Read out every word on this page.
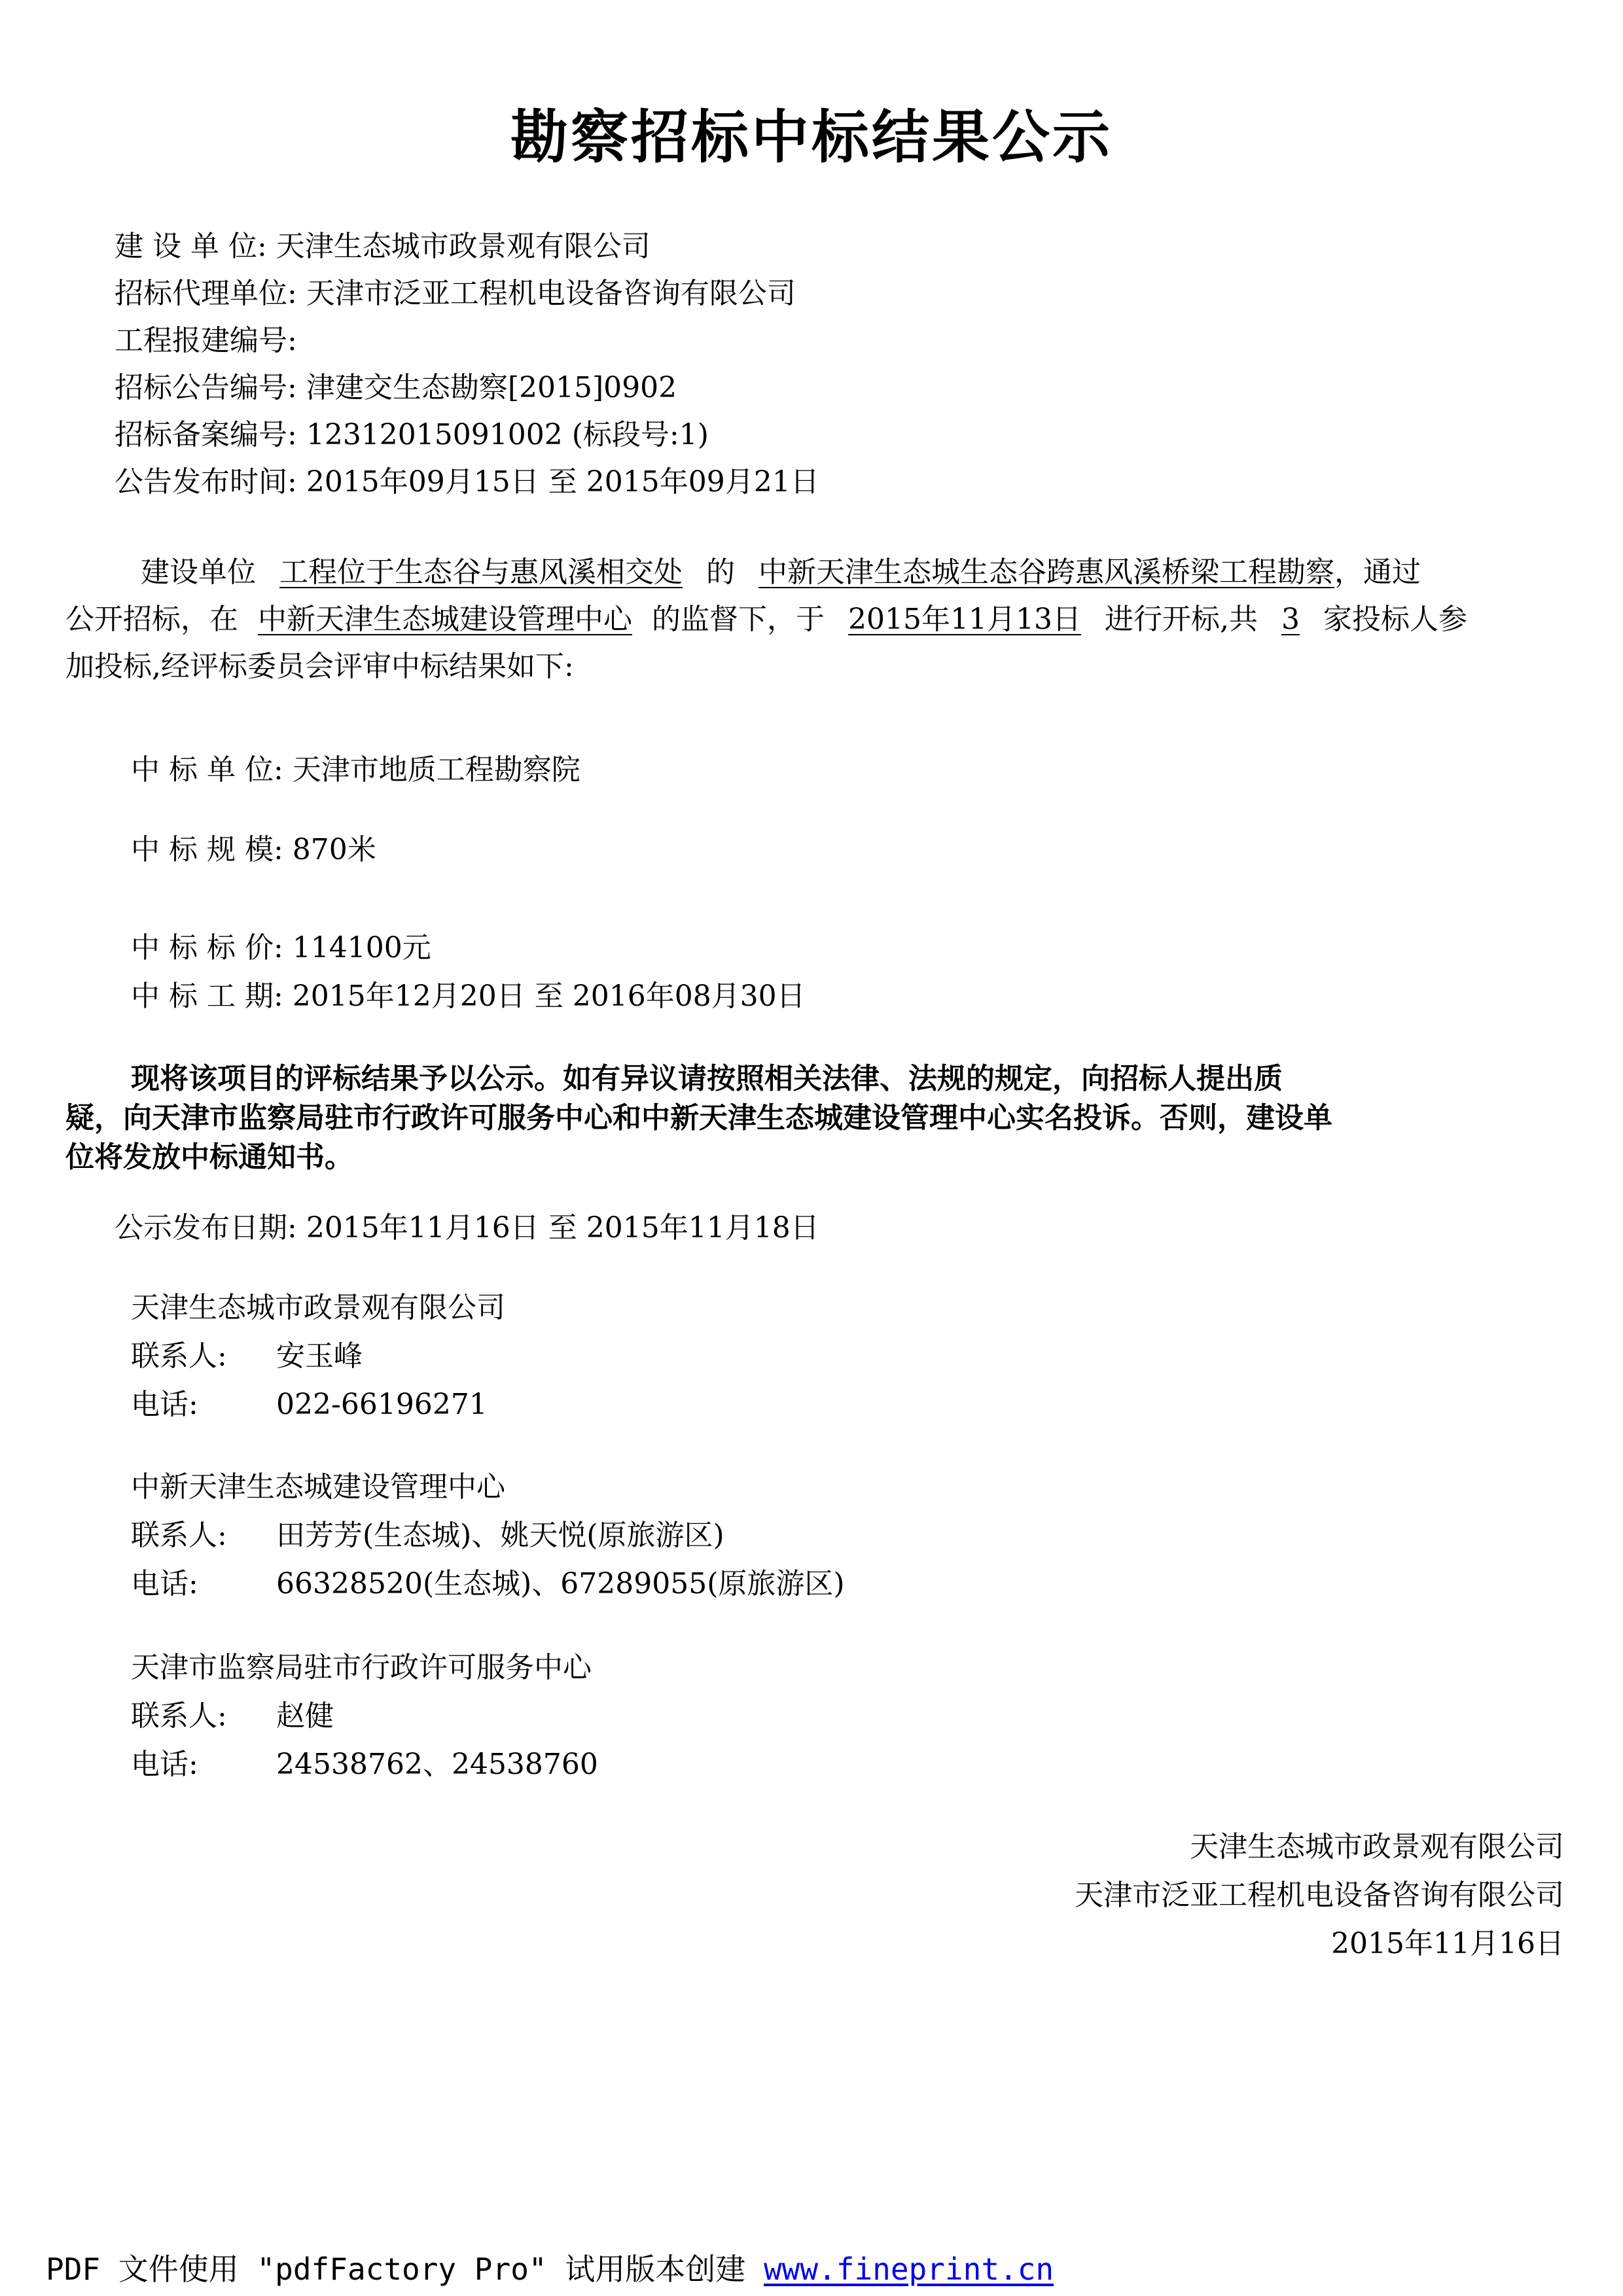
勘察招标中标结果公示
建 设 单 位: 天津生态城市政景观有限公司
招标代理单位: 天津市泛亚工程机电设备咨询有限公司
工程报建编号:
招标公告编号: 津建交生态勘察[2015]0902
招标备案编号: 12312015091002 (标段号:1)
公告发布时间: 2015年09月15日 至 2015年09月21日
建设单位 工程位于生态谷与惠风溪相交处 的 中新天津生态城生态谷跨惠风溪桥梁工程勘察，通过
公开招标，在 中新天津生态城建设管理中心 的监督下，于 2015年11月13日 进行开标,共 3 家投标人参
加投标,经评标委员会评审中标结果如下:
中 标 单 位: 天津市地质工程勘察院
中 标 规 模: 870米
中 标 标 价: 114100元
中 标 工 期: 2015年12月20日 至 2016年08月30日
现将该项目的评标结果予以公示。如有异议请按照相关法律、法规的规定，向招标人提出质
疑，向天津市监察局驻市行政许可服务中心和中新天津生态城建设管理中心实名投诉。否则，建设单
位将发放中标通知书。
公示发布日期: 2015年11月16日 至 2015年11月18日
天津生态城市政景观有限公司
联系人: 安玉峰
电话:	022-66196271
中新天津生态城建设管理中心
联系人: 田芳芳(生态城)、姚天悦(原旅游区)
电话:	66328520(生态城)、67289055(原旅游区)
天津市监察局驻市行政许可服务中心
联系人: 赵健
电话:	24538762、24538760
天津生态城市政景观有限公司
天津市泛亚工程机电设备咨询有限公司
2015年11月16日
PDF 文件使用 "pdfFactory Pro" 试用版本创建 www.fineprint.cn
